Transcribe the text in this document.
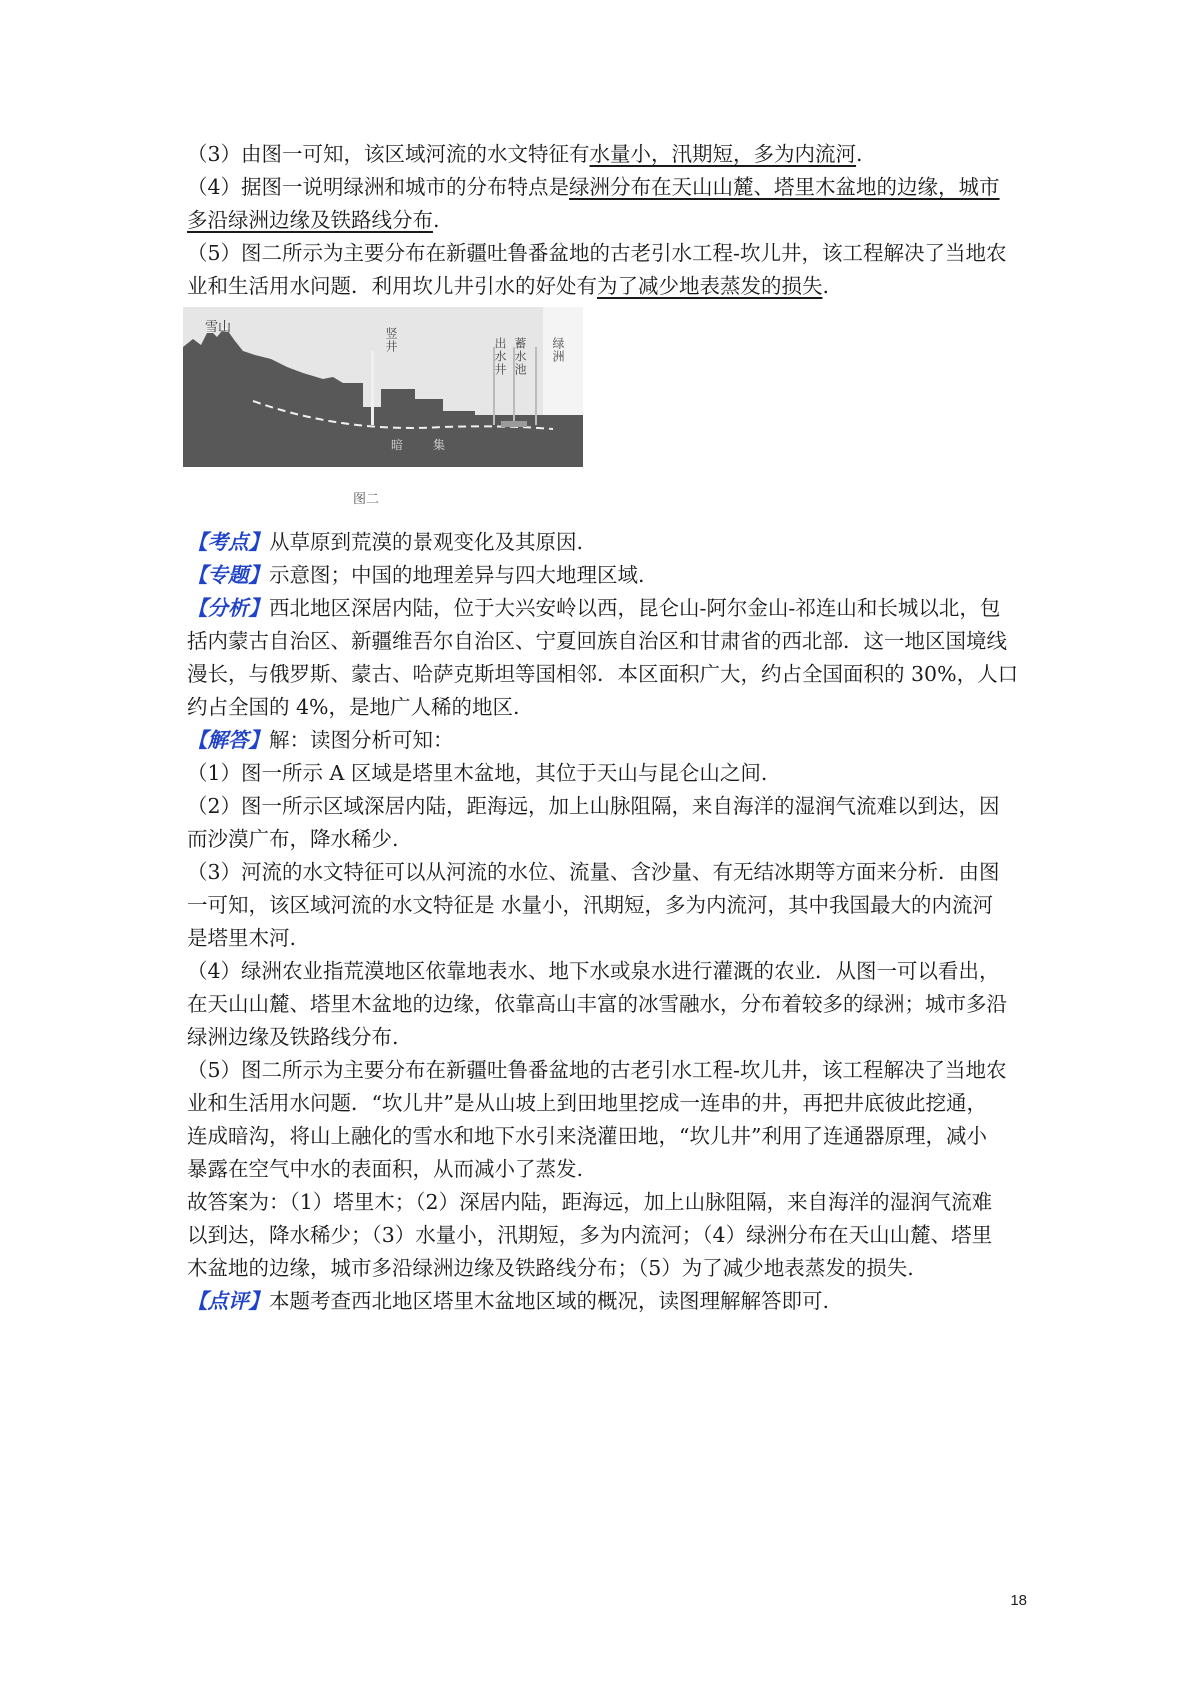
（3）由图一可知，该区域河流的水文特征有水量小，汛期短，多为内流河.

（4）据图一说明绿洲和城市的分布特点是绿洲分布在天山山麓、塔里木盆地的边缘，城市
多沿绿洲边缘及铁路线分布.

（5）图二所示为主要分布在新疆吐鲁番盆地的古老引水工程-坎儿井，该工程解决了当地农
业和生活用水问题．利用坎儿井引水的好处有为了减少地表蒸发的损失.

雪山	竖井	出水井 蓄水池	绿洲
暗 集
图二

【考点】从草原到荒漠的景观变化及其原因.

【专题】示意图；中国的地理差异与四大地理区域.

【分析】西北地区深居内陆，位于大兴安岭以西，昆仑山-阿尔金山-祁连山和长城以北，包
括内蒙古自治区、新疆维吾尔自治区、宁夏回族自治区和甘肃省的西北部．这一地区国境线
漫长，与俄罗斯、蒙古、哈萨克斯坦等国相邻．本区面积广大，约占全国面积的 30%，人口
约占全国的 4%，是地广人稀的地区.

【解答】解：读图分析可知：

（1）图一所示 A 区域是塔里木盆地，其位于天山与昆仑山之间.

（2）图一所示区域深居内陆，距海远，加上山脉阻隔，来自海洋的湿润气流难以到达，因

而沙漠广布，降水稀少.

（3）河流的水文特征可以从河流的水位、流量、含沙量、有无结冰期等方面来分析．由图

一可知，该区域河流的水文特征是 水量小，汛期短，多为内流河，其中我国最大的内流河

是塔里木河.

（4）绿洲农业指荒漠地区依靠地表水、地下水或泉水进行灌溉的农业．从图一可以看出，

在天山山麓、塔里木盆地的边缘，依靠高山丰富的冰雪融水，分布着较多的绿洲；城市多沿

绿洲边缘及铁路线分布.

（5）图二所示为主要分布在新疆吐鲁番盆地的古老引水工程-坎儿井，该工程解决了当地农

业和生活用水问题．“坎儿井”是从山坡上到田地里挖成一连串的井，再把井底彼此挖通，

连成暗沟，将山上融化的雪水和地下水引来浇灌田地，“坎儿井”利用了连通器原理，减小

暴露在空气中水的表面积，从而减小了蒸发.

故答案为：（1）塔里木；（2）深居内陆，距海远，加上山脉阻隔，来自海洋的湿润气流难

以到达，降水稀少；（3）水量小，汛期短，多为内流河；（4）绿洲分布在天山山麓、塔里

木盆地的边缘，城市多沿绿洲边缘及铁路线分布；（5）为了减少地表蒸发的损失.

【点评】本题考查西北地区塔里木盆地区域的概况，读图理解解答即可.

18
